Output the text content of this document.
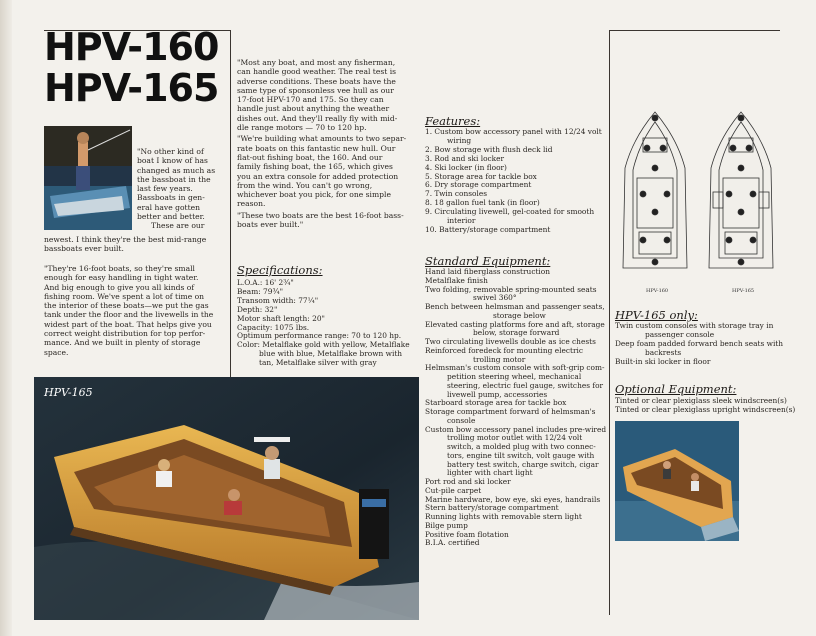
HPV-160
HPV-165

"No other kind of

boat I know of has

changed as much as

the bassboat in the

last few years.

Bassboats in gen-

eral have gotten

better and better.

These are our

newest. I think they're the best mid-range

bassboats ever built.

"They're 16-foot boats, so they're small

enough for easy handling in tight water.

And big enough to give you all kinds of

fishing room. We've spent a lot of time on

the interior of these boats—we put the gas

tank under the floor and the livewells in the

widest part of the boat. That helps give you

correct weight distribution for top perfor-

mance. And we built in plenty of storage

space.

"Most any boat, and most any fisherman,

can handle good weather. The real test is

adverse conditions. These boats have the

same type of sponsonless vee hull as our

17-foot HPV-170 and 175. So they can

handle just about anything the weather

dishes out. And they'll really fly with mid-

dle range motors — 70 to 120 hp.

"We're building what amounts to two separ-

rate boats on this fantastic new hull. Our

flat-out fishing boat, the 160. And our

family fishing boat, the 165, which gives

you an extra console for added protection

from the wind. You can't go wrong,

whichever boat you pick, for one simple

reason.

"These two boats are the best 16-foot bass-

boats ever built."

Specifications:
L.O.A.: 16' 2¾"
Beam: 79¾"
Transom width: 77¼"
Depth: 32"
Motor shaft length: 20"
Capacity: 1075 lbs.
Optimum performance range: 70 to 120 hp.
Color: Metalflake gold with yellow, Metalflake
blue with blue, Metalflake brown with
tan, Metalflake silver with gray
Features:
1. Custom bow accessory panel with 12/24 volt
wiring
2. Bow storage with flush deck lid
3. Rod and ski locker
4. Ski locker (in floor)
5. Storage area for tackle box
6. Dry storage compartment
7. Twin consoles
8. 18 gallon fuel tank (in floor)
9. Circulating livewell, gel-coated for smooth
interior
10. Battery/storage compartment
Standard Equipment:
Hand laid fiberglass construction
Metalflake finish
Two folding, removable spring-mounted seats
swivel 360°
Bench between helmsman and passenger seats,
storage below
Elevated casting platforms fore and aft, storage
below, storage forward
Two circulating livewells double as ice chests
Reinforced foredeck for mounting electric
trolling motor
Helmsman's custom console with soft-grip com-
petition steering wheel, mechanical
steering, electric fuel gauge, switches for
livewell pump, accessories
Starboard storage area for tackle box
Storage compartment forward of helmsman's
console
Custom bow accessory panel includes pre-wired
trolling motor outlet with 12/24 volt
switch, a molded plug with two connec-
tors, engine tilt switch, volt gauge with
battery test switch, charge switch, cigar
lighter with chart light
Port rod and ski locker
Cut-pile carpet
Marine hardware, bow eye, ski eyes, handrails
Stern battery/storage compartment
Running lights with removable stern light
Bilge pump
Positive foam flotation
B.I.A. certified
HPV-165
HPV-160	HPV-165
HPV-165 only:
Twin custom consoles with storage tray in
passenger console
Deep foam padded forward bench seats with
backrests
Built-in ski locker in floor
Optional Equipment:
Tinted or clear plexiglass sleek windscreen(s)
Tinted or clear plexiglass upright windscreen(s)
